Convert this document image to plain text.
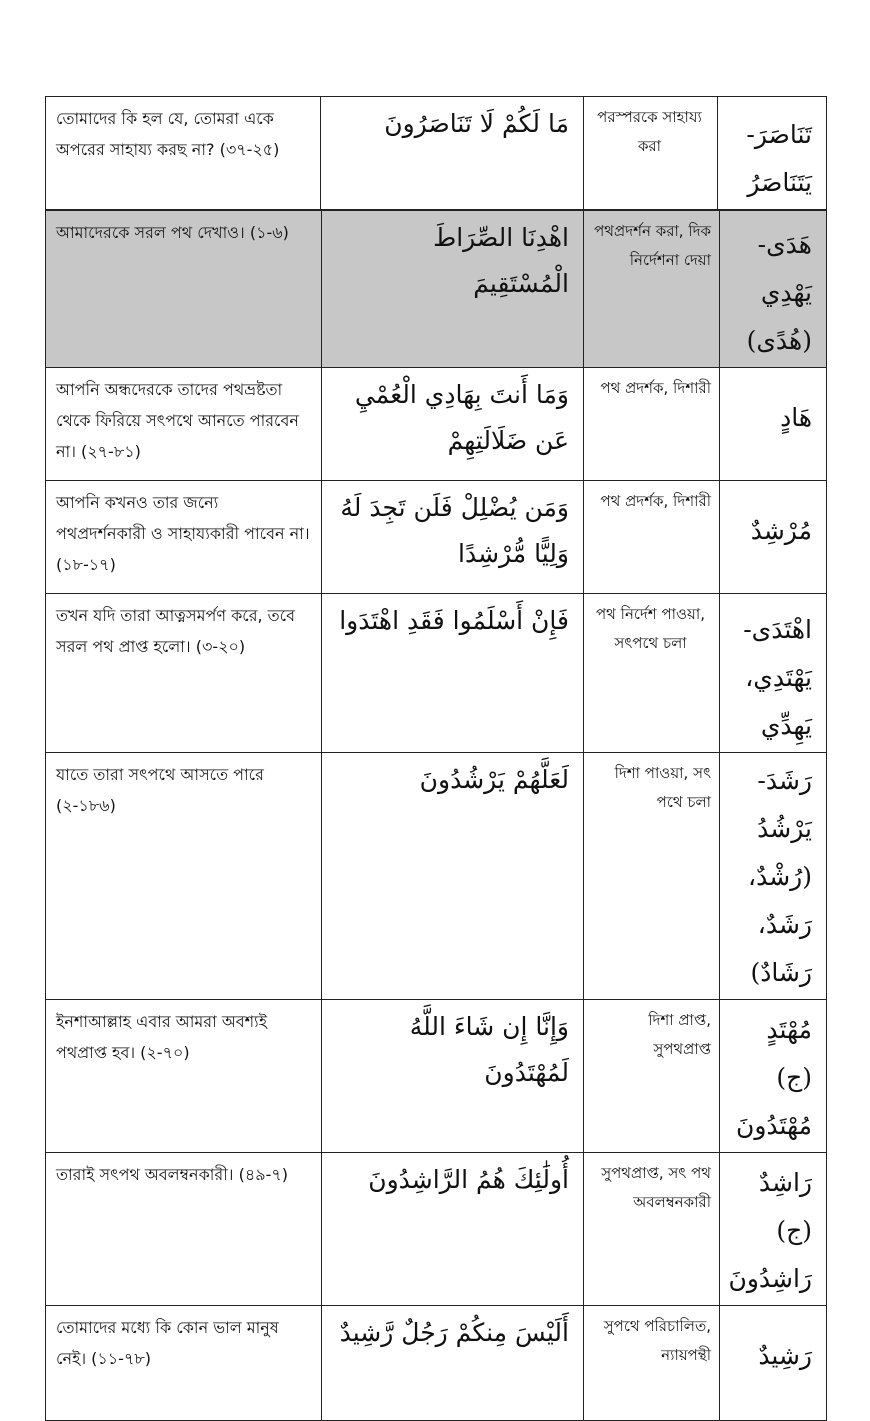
তোমাদের কি হল যে, তোমরা একে অপরের সাহায্য করছ না? (৩৭-২৫)	مَا لَكُمْ لَا تَنَاصَرُونَ	পরস্পরকে সাহায্য করা	تَنَاصَرَ-يَتَنَاصَرُ
আমাদেরকে সরল পথ দেখাও। (১-৬)	اهْدِنَا الصِّرَاطَ الْمُسْتَقِيمَ	পথপ্রদর্শন করা, দিক নির্দেশনা দেয়া	هَدَى-يَهْدِي (هُدًى)
আপনি অন্ধদেরকে তাদের পথভ্রষ্টতা থেকে ফিরিয়ে সৎপথে আনতে পারবেন না। (২৭-৮১)	وَمَا أَنتَ بِهَادِي الْعُمْيِ عَن ضَلَالَتِهِمْ	পথ প্রদর্শক, দিশারী	هَادٍ
আপনি কখনও তার জন্যে পথপ্রদর্শনকারী ও সাহায্যকারী পাবেন না। (১৮-১৭)	وَمَن يُضْلِلْ فَلَن تَجِدَ لَهُ وَلِيًّا مُّرْشِدًا	পথ প্রদর্শক, দিশারী	مُرْشِدٌ
তখন যদি তারা আত্নসমর্পণ করে, তবে সরল পথ প্রাপ্ত হলো। (৩-২০)	فَإِنْ أَسْلَمُوا فَقَدِ اهْتَدَوا	পথ নির্দেশ পাওয়া, সৎপথে চলা	اهْتَدَى- يَهْتَدِي، يَهِدِّي
যাতে তারা সৎপথে আসতে পারে (২-১৮৬)	لَعَلَّهُمْ يَرْشُدُونَ	দিশা পাওয়া, সৎ পথে চলা	رَشَدَ-يَرْشُدُ (رُشْدٌ، رَشَدٌ، رَشَادٌ)
ইনশাআল্লাহ এবার আমরা অবশ্যই পথপ্রাপ্ত হব। (২-৭০)	وَإِنَّا إِن شَاءَ اللَّهُ لَمُهْتَدُونَ	দিশা প্রাপ্ত, সুপথপ্রাপ্ত	مُهْتَدٍ (ج) مُهْتَدُونَ
তারাই সৎপথ অবলম্বনকারী। (৪৯-৭)	أُولَٰئِكَ هُمُ الرَّاشِدُونَ	সুপথপ্রাপ্ত, সৎ পথ অবলম্বনকারী	رَاشِدٌ (ج) رَاشِدُونَ
তোমাদের মধ্যে কি কোন ভাল মানুষ নেই। (১১-৭৮)	أَلَيْسَ مِنكُمْ رَجُلٌ رَّشِيدٌ	সুপথে পরিচালিত, ন্যায়পন্থী	رَشِيدٌ
